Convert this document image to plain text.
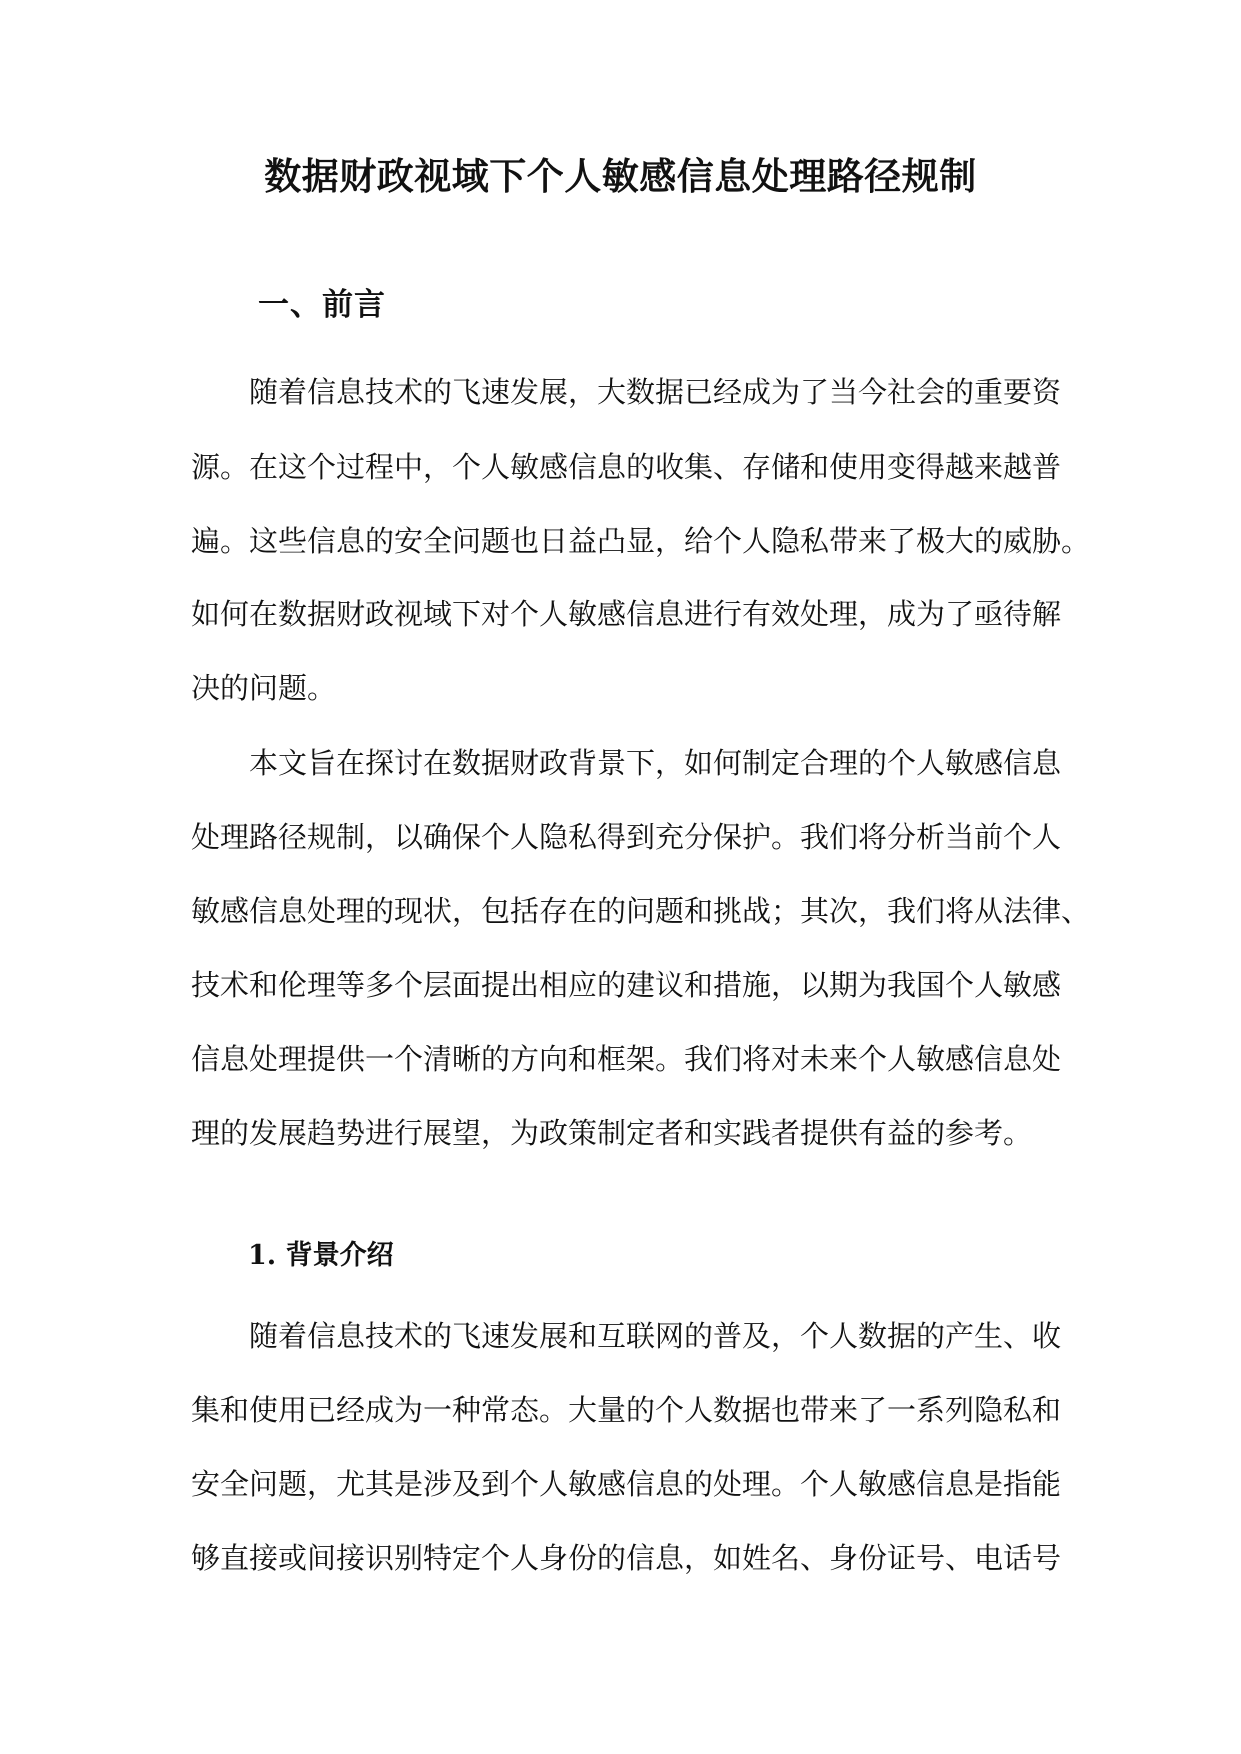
数据财政视域下个人敏感信息处理路径规制
一、前言

随着信息技术的飞速发展，大数据已经成为了当今社会的重要资

源。在这个过程中，个人敏感信息的收集、存储和使用变得越来越普

遍。这些信息的安全问题也日益凸显，给个人隐私带来了极大的威胁。

如何在数据财政视域下对个人敏感信息进行有效处理，成为了亟待解

决的问题。

本文旨在探讨在数据财政背景下，如何制定合理的个人敏感信息

处理路径规制，以确保个人隐私得到充分保护。我们将分析当前个人

敏感信息处理的现状，包括存在的问题和挑战；其次，我们将从法律、

技术和伦理等多个层面提出相应的建议和措施，以期为我国个人敏感

信息处理提供一个清晰的方向和框架。我们将对未来个人敏感信息处

理的发展趋势进行展望，为政策制定者和实践者提供有益的参考。

1. 背景介绍

随着信息技术的飞速发展和互联网的普及，个人数据的产生、收

集和使用已经成为一种常态。大量的个人数据也带来了一系列隐私和

安全问题，尤其是涉及到个人敏感信息的处理。个人敏感信息是指能

够直接或间接识别特定个人身份的信息，如姓名、身份证号、电话号
